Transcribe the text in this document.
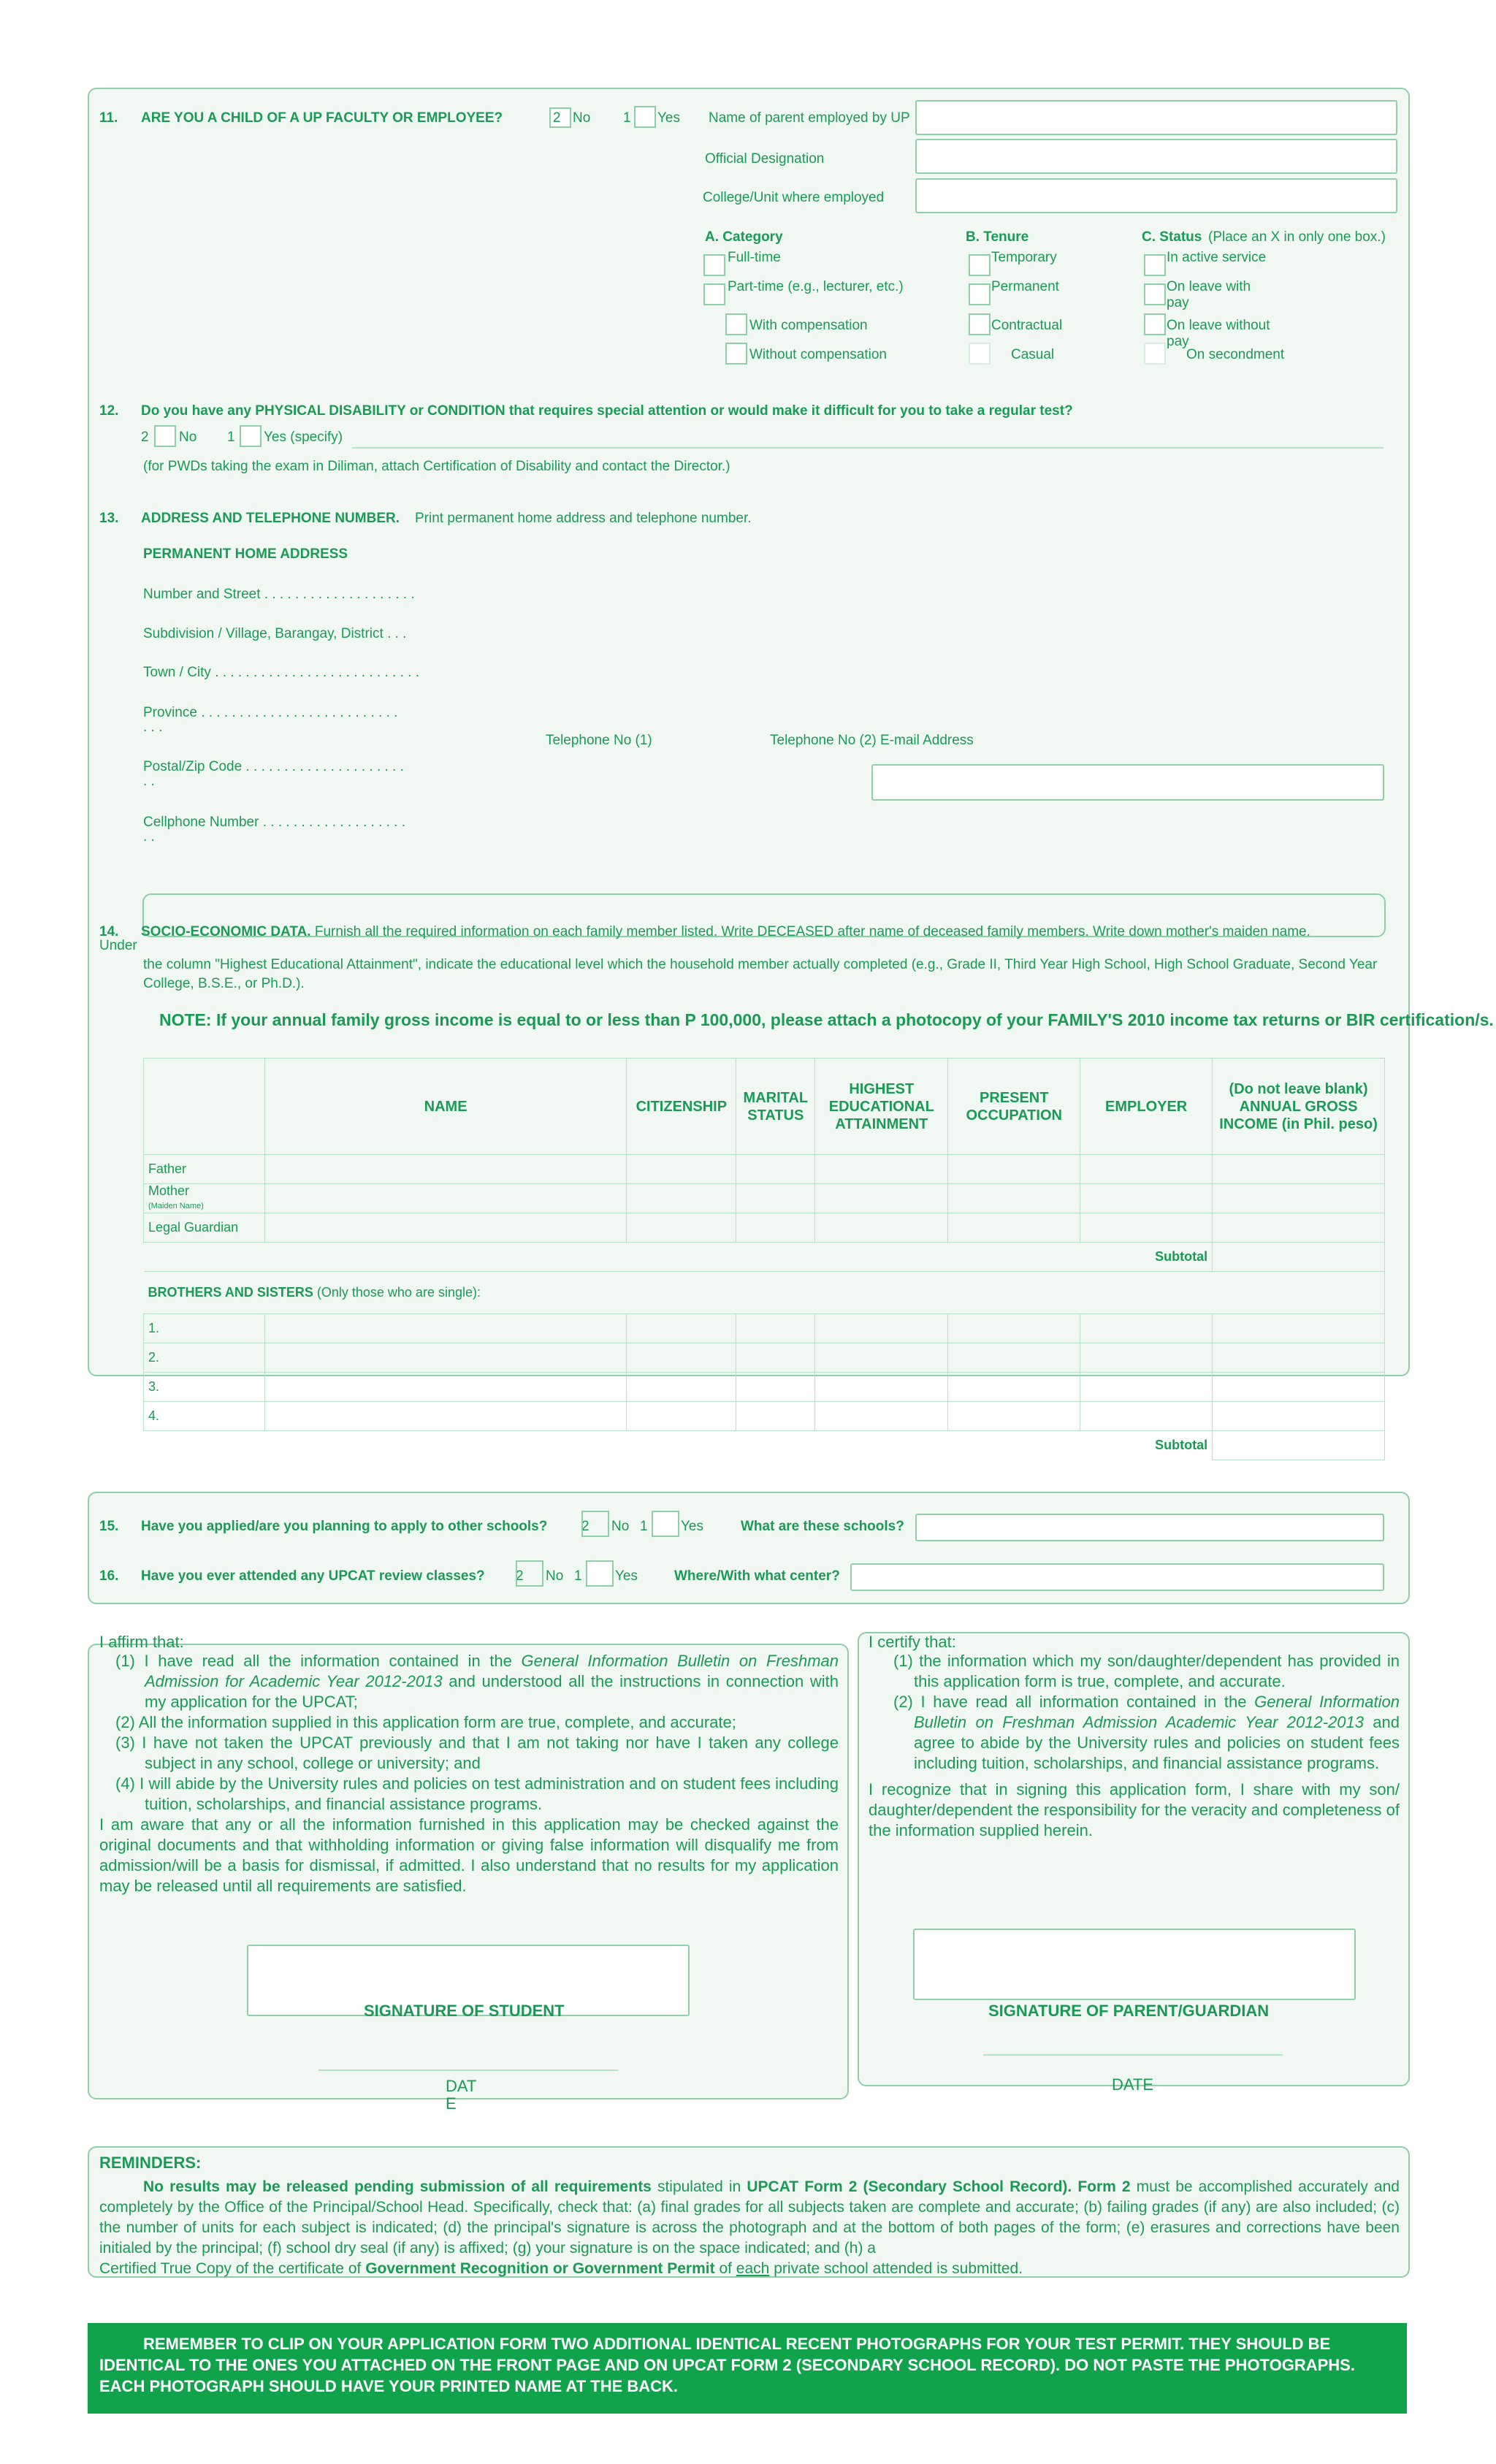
11. ARE YOU A CHILD OF A UP FACULTY OR EMPLOYEE?	2 No 1 Yes Name of parent employed by UP
Official Designation
College/Unit where employed
A. Category
Full-time
Part-time (e.g., lecturer, etc.)
With compensation
Without compensation
B. Tenure
Temporary
Permanent
Contractual
Casual
C. Status (Place an X in only one box.)
In active service
On leave with pay
On leave without pay
On secondment
12. Do you have any PHYSICAL DISABILITY or CONDITION that requires special attention or would make it difficult for you to take a regular test?
2 No 1 Yes (specify)
(for PWDs taking the exam in Diliman, attach Certification of Disability and contact the Director.)
13. ADDRESS AND TELEPHONE NUMBER. Print permanent home address and telephone number.
PERMANENT HOME ADDRESS
Number and Street . . . . . . . . . . . . . . . . . . . .
Subdivision / Village, Barangay, District . . .
Town / City . . . . . . . . . . . . . . . . . . . . . . . . . . .
Province . . . . . . . . . . . . . . . . . . . . . . . . . .
. . .
Postal/Zip Code . . . . . . . . . . . . . . . . . . . . .
. .
Cellphone Number . . . . . . . . . . . . . . . . . . .
. .
Telephone No (1)	Telephone No (2) E-mail Address
14. SOCIO-ECONOMIC DATA. Furnish all the required information on each family member listed. Write DECEASED after name of deceased family members. Write down mother's maiden name.
Under
the column "Highest Educational Attainment", indicate the educational level which the household member actually completed (e.g., Grade II, Third Year High School, High School Graduate, Second Year College, B.S.E., or Ph.D.).
NOTE: If your annual family gross income is equal to or less than P 100,000, please attach a photocopy of your FAMILY'S 2010 income tax returns or BIR certification/s.
	NAME	CITIZENSHIP	MARITAL STATUS	HIGHEST EDUCATIONAL ATTAINMENT	PRESENT OCCUPATION	EMPLOYER	(Do not leave blank) ANNUAL GROSS INCOME (in Phil. peso)
Father							
Mother
(Maiden Name)							
Legal Guardian							
Subtotal							
BROTHERS AND SISTERS (Only those who are single):							
1.							
2.							
3.							
4.							
Subtotal							
15. Have you applied/are you planning to apply to other schools? 2 No 1 Yes	What are these schools?
16. Have you ever attended any UPCAT review classes? 2 No 1 Yes	Where/With what center?
I affirm that:

(1) I have read all the information contained in the General Information Bulletin on Freshman Admission for Academic Year 2012-2013 and understood all the instructions in connection with my application for the UPCAT;

(2) All the information supplied in this application form are true, complete, and accurate;

(3) I have not taken the UPCAT previously and that I am not taking nor have I taken any college subject in any school, college or university; and

(4) I will abide by the University rules and policies on test administration and on student fees including tuition, scholarships, and financial assistance programs.

I am aware that any or all the information furnished in this application may be checked against the original documents and that withholding information or giving false information will disqualify me from admission/will be a basis for dismissal, if admitted. I also understand that no results for my application may be released until all requirements are satisfied.

SIGNATURE OF STUDENT
DAT E
I certify that:

(1) the information which my son/daughter/dependent has provided in this application form is true, complete, and accurate.

(2) I have read all information contained in the General Information Bulletin on Freshman Admission Academic Year 2012-2013 and agree to abide by the University rules and policies on student fees including tuition, scholarships, and financial assistance programs.

I recognize that in signing this application form, I share with my son/ daughter/dependent the responsibility for the veracity and completeness of the information supplied herein.

SIGNATURE OF PARENT/GUARDIAN
DATE
REMINDERS:

No results may be released pending submission of all requirements stipulated in UPCAT Form 2 (Secondary School Record). Form 2 must be accomplished accurately and completely by the Office of the Principal/School Head. Specifically, check that: (a) final grades for all subjects taken are complete and accurate; (b) failing grades (if any) are also included; (c) the number of units for each subject is indicated; (d) the principal's signature is across the photograph and at the bottom of both pages of the form; (e) erasures and corrections have been initialed by the principal; (f) school dry seal (if any) is affixed; (g) your signature is on the space indicated; and (h) a

Certified True Copy of the certificate of Government Recognition or Government Permit of each private school attended is submitted.

REMEMBER TO CLIP ON YOUR APPLICATION FORM TWO ADDITIONAL IDENTICAL RECENT PHOTOGRAPHS FOR YOUR TEST PERMIT. THEY SHOULD BE IDENTICAL TO THE ONES YOU ATTACHED ON THE FRONT PAGE AND ON UPCAT FORM 2 (SECONDARY SCHOOL RECORD). DO NOT PASTE THE PHOTOGRAPHS. EACH PHOTOGRAPH SHOULD HAVE YOUR PRINTED NAME AT THE BACK.
